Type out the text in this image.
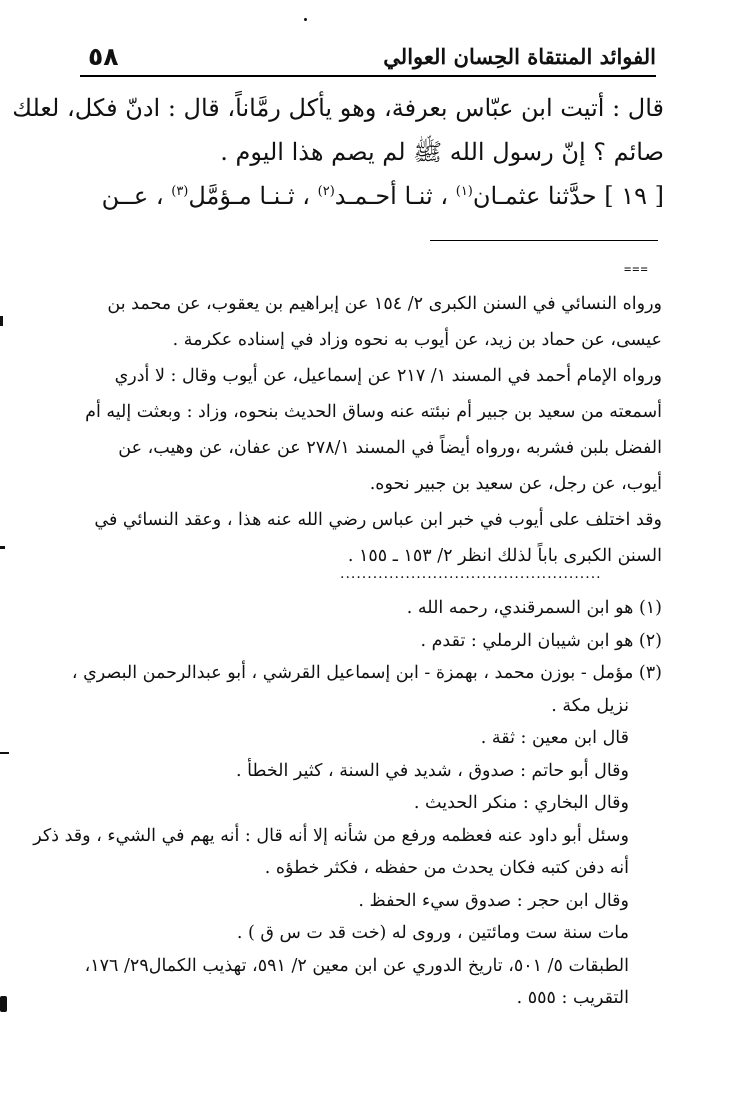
٥٨	الفوائد المنتقاة الحِسان العوالي

قال : أتيت ابن عبّاس بعرفة، وهو يأكل رمَّاناً، قال : ادنّ فكل، لعلك

صائم ؟ إنّ رسول الله ﷺ لم يصم هذا اليوم .

[ ١٩ ] حدَّثنا عثمـان$^{(١)}$ ، ثنـا أحـمـد$^{(٢)}$ ، ثـنـا مـؤمَّل$^{(٣)}$ ، عــن

===

ورواه النسائي في السنن الكبرى ٢/ ١٥٤ عن إبراهيم بن يعقوب، عن محمد بن

عيسى، عن حماد بن زيد، عن أيوب به نحوه وزاد في إسناده عكرمة .

ورواه الإمام أحمد في المسند ١/ ٢١٧ عن إسماعيل، عن أيوب وقال : لا أدري

أسمعته من سعيد بن جبير أم نبئته عنه وساق الحديث بنحوه، وزاد : وبعثت إليه أم

الفضل بلبن فشربه ،ورواه أيضاً في المسند ٢٧٨/١ عن عفان، عن وهيب، عن

أيوب، عن رجل، عن سعيد بن جبير نحوه.

وقد اختلف على أيوب في خبر ابن عباس رضي الله عنه هذا ، وعقد النسائي في

السنن الكبرى باباً لذلك انظر ٢/ ١٥٣ ـ ١٥٥ .

................................................

(١) هو ابن السمرقندي، رحمه الله .

(٢) هو ابن شيبان الرملي : تقدم .

(٣) مؤمل - بوزن محمد ، بهمزة - ابن إسماعيل القرشي ، أبو عبدالرحمن البصري ،

نزيل مكة .

قال ابن معين : ثقة .

وقال أبو حاتم : صدوق ، شديد في السنة ، كثير الخطأ .

وقال البخاري : منكر الحديث .

وسئل أبو داود عنه فعظمه ورفع من شأنه إلا أنه قال : أنه يهم في الشيء ، وقد ذكر

أنه دفن كتبه فكان يحدث من حفظه ، فكثر خطؤه .

وقال ابن حجر : صدوق سيء الحفظ .

مات سنة ست ومائتين ، وروى له (خت قد ت س ق ) .

الطبقات ٥/ ٥٠١، تاريخ الدوري عن ابن معين ٢/ ٥٩١، تهذيب الكمال٢٩/ ١٧٦،

التقريب : ٥٥٥ .
